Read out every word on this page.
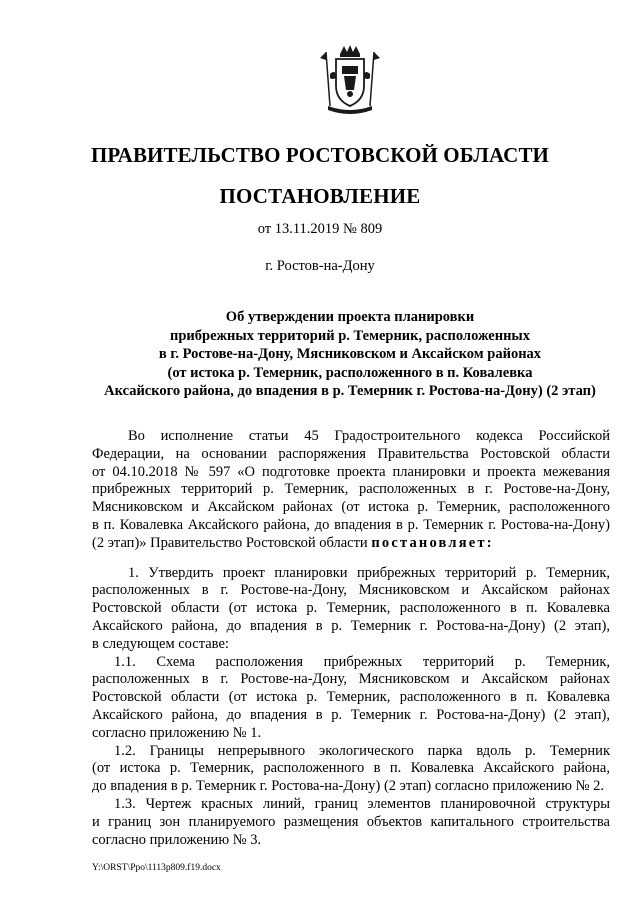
ПРАВИТЕЛЬСТВО РОСТОВСКОЙ ОБЛАСТИ
ПОСТАНОВЛЕНИЕ
от 13.11.2019 № 809
г. Ростов-на-Дону
Об утверждении проекта планировки
прибрежных территорий р. Темерник, расположенных
в г. Ростове-на-Дону, Мясниковском и Аксайском районах
(от истока р. Темерник, расположенного в п. Ковалевка
Аксайского района, до впадения в р. Темерник г. Ростова-на-Дону) (2 этап)
Во исполнение статьи 45 Градостроительного кодекса Российской
Федерации, на основании распоряжения Правительства Ростовской области
от 04.10.2018 № 597 «О подготовке проекта планировки и проекта межевания
прибрежных территорий р. Темерник, расположенных в г. Ростове-на-Дону,
Мясниковском и Аксайском районах (от истока р. Темерник, расположенного
в п. Ковалевка Аксайского района, до впадения в р. Темерник г. Ростова-на-Дону)
(2 этап)» Правительство Ростовской области постановляет:
1. Утвердить проект планировки прибрежных территорий р. Темерник,
расположенных в г. Ростове-на-Дону, Мясниковском и Аксайском районах
Ростовской области (от истока р. Темерник, расположенного в п. Ковалевка
Аксайского района, до впадения в р. Темерник г. Ростова-на-Дону) (2 этап),
в следующем составе:
1.1. Схема расположения прибрежных территорий р. Темерник,
расположенных в г. Ростове-на-Дону, Мясниковском и Аксайском районах
Ростовской области (от истока р. Темерник, расположенного в п. Ковалевка
Аксайского района, до впадения в р. Темерник г. Ростова-на-Дону) (2 этап),
согласно приложению № 1.
1.2. Границы непрерывного экологического парка вдоль р. Темерник
(от истока р. Темерник, расположенного в п. Ковалевка Аксайского района,
до впадения в р. Темерник г. Ростова-на-Дону) (2 этап) согласно приложению № 2.
1.3. Чертеж красных линий, границ элементов планировочной структуры
и границ зон планируемого размещения объектов капитального строительства
согласно приложению № 3.
Y:\ORST\Ppo\1113p809.f19.docx
